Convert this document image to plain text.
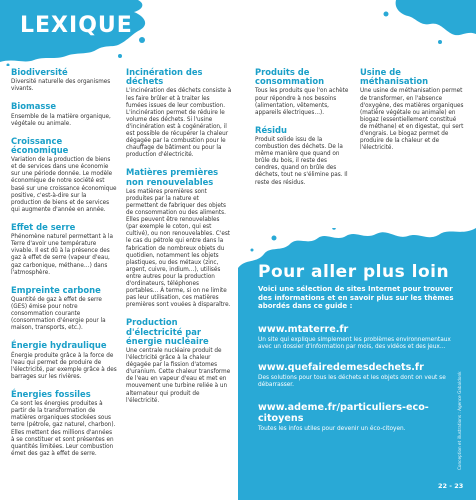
LEXIQUE
Biodiversité
Diversité naturelle des organismes vivants.
Biomasse
Ensemble de la matière organique, végétale ou animale.
Croissance économique
Variation de la production de biens et de services dans une économie sur une période donnée. Le modèle économique de notre société est basé sur une croissance économique positive, c'est-à-dire sur la production de biens et de services qui augmente d'année en année.
Effet de serre
Phénomène naturel permettant à la Terre d'avoir une température vivable. Il est dû à la présence des gaz à effet de serre (vapeur d'eau, gaz carbonique, méthane…) dans l'atmosphère.
Empreinte carbone
Quantité de gaz à effet de serre (GES) émise pour notre consommation courante (consommation d'énergie pour la maison, transports, etc.).
Énergie hydraulique
Énergie produite grâce à la force de l'eau qui permet de produire de l'électricité, par exemple grâce à des barrages sur les rivières.
Énergies fossiles
Ce sont les énergies produites à partir de la transformation de matières organiques stockées sous terre (pétrole, gaz naturel, charbon). Elles mettent des millions d'années à se constituer et sont présentes en quantités limitées. Leur combustion émet des gaz à effet de serre.
Incinération des déchets
L'incinération des déchets consiste à les faire brûler et à traiter les fumées issues de leur combustion. L'incinération permet de réduire le volume des déchets. Si l'usine d'incinération est à cogénération, il est possible de récupérer la chaleur dégagée par la combustion pour le chauffage de bâtiment ou pour la production d'électricité.
Matières premières non renouvelables
Les matières premières sont produites par la nature et permettent de fabriquer des objets de consommation ou des aliments. Elles peuvent être renouvelables (par exemple le coton, qui est cultivé), ou non renouvelables. C'est le cas du pétrole qui entre dans la fabrication de nombreux objets du quotidien, notamment les objets plastiques, ou des métaux (zinc, argent, cuivre, indium…), utilisés entre autres pour la production d'ordinateurs, téléphones portables… À terme, si on ne limite pas leur utilisation, ces matières premières sont vouées à disparaître.
Production d'électricité par énergie nucléaire
Une centrale nucléaire produit de l'électricité grâce à la chaleur dégagée par la fission d'atomes d'uranium. Cette chaleur transforme de l'eau en vapeur d'eau et met en mouvement une turbine reliée à un alternateur qui produit de l'électricité.
Produits de consommation
Tous les produits que l'on achète pour répondre à nos besoins (alimentation, vêtements, appareils électriques…).
Résidu
Produit solide issu de la combustion des déchets. De la même manière que quand on brûle du bois, il reste des cendres, quand on brûle des déchets, tout ne s'élimine pas. Il reste des résidus.
Usine de méthanisation
Une usine de méthanisation permet de transformer, en l'absence d'oxygène, des matières organiques (matière végétale ou animale) en biogaz (essentiellement constitué de méthane) et en digestat, qui sert d'engrais. Le biogaz permet de produire de la chaleur et de l'électricité.
Pour aller plus loin
Voici une sélection de sites Internet pour trouver des informations et en savoir plus sur les thèmes abordés dans ce guide :
www.mtaterre.fr
Un site qui explique simplement les problèmes environnementaux avec un dossier d'information par mois, des vidéos et des jeux…
www.quefairedemesdechets.fr
Des solutions pour tous les déchets et les objets dont on veut se débarrasser.
www.ademe.fr/particuliers-eco-citoyens
Toutes les infos utiles pour devenir un éco-citoyen.	Conception et illustrations : Agence Gabaldonk
22 - 23
